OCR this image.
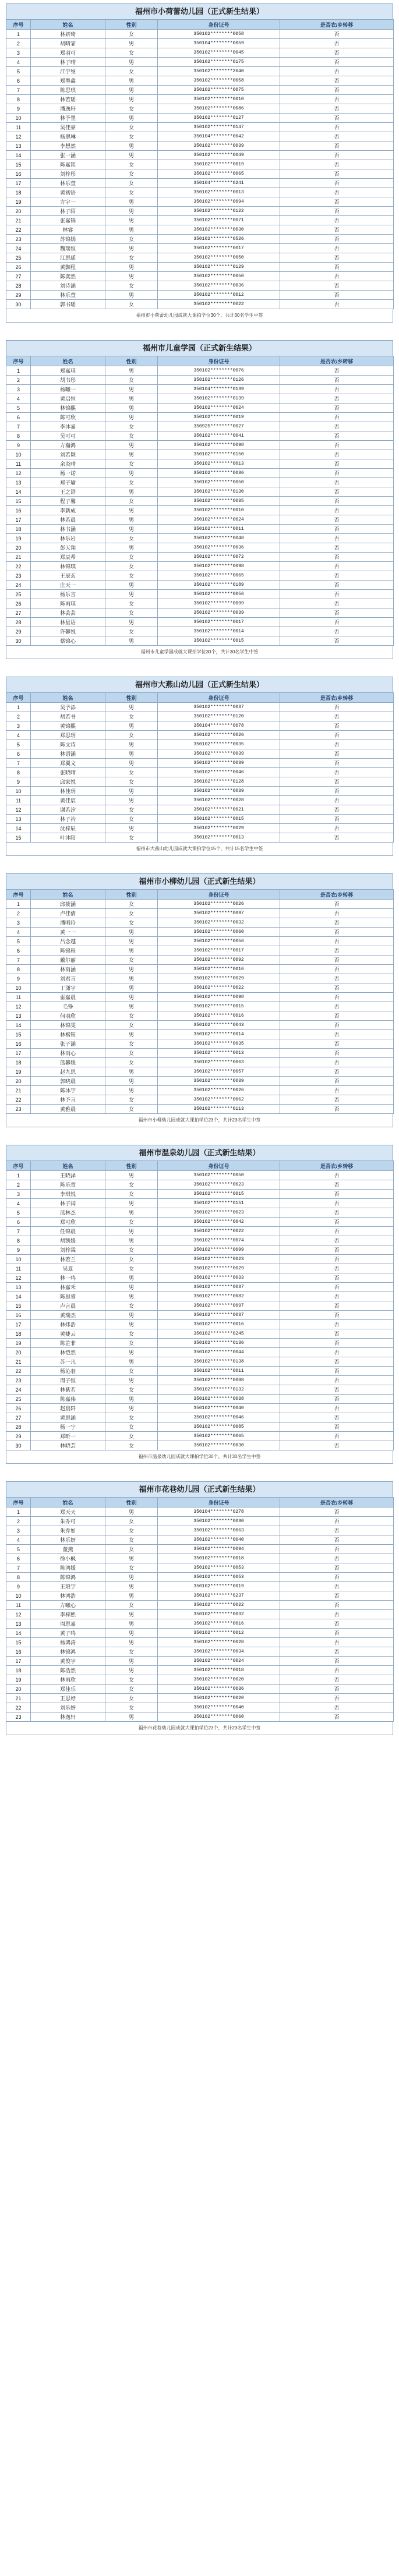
福州市小荷蕾幼儿园（正式新生结果）
序号	姓名	性别	身份证号	是否农/乡转移
1	林妍琦	女	350102********0058	否
2	胡晴霏	男	350104********0059	否
3	郑羽可	女	350102********0045	否
4	林子晴	男	350102********0175	否
5	江宇维	女	350102********2640	否
6	郑墨鑫	男	350102********0058	否
7	陈思琪	男	350102********0075	否
8	林若瑶	男	350102********0010	否
9	潘逸轩	女	350102********0086	否
10	林予墨	男	350102********0127	否
11	吴佳豪	女	350102********0147	否
12	杨翠琳	女	350104********0042	否
13	李想然	男	350102********0039	否
14	张一涵	男	350102********0049	否
15	陈嘉铭	女	350102********0019	否
16	刘梓彤	女	350102********0065	否
17	林乐萱	女	350104********0241	否
18	黄初语	女	350102********0013	否
19	方宇一	男	350102********0094	否
20	林子陌	男	350102********0122	否
21	张嘉锦	男	350102********0071	否
22	林睿	男	350102********0030	否
23	苏锦嫣	女	350102********0526	否
24	魏瑞恒	男	350102********0017	否
25	江思瑶	女	350102********0050	否
26	黄颢程	男	350102********0129	否
27	陈奕然	男	350102********0050	否
28	刘诗涵	女	350102********0036	否
29	林乐萱	男	350102********0012	否
30	郭书瑶	女	350102********0022	否
福州市小荷蕾幼儿园成就大课拍学位30个，共计30名学生中签
福州市儿童学园（正式新生结果）
序号	姓名	性别	身份证号	是否农/乡转移
1	郑嘉琪	男	350102********0076	否
2	胡书彤	女	350102********0126	否
3	杨曦一	男	350104********0139	否
4	黄启恒	男	350102********0139	否
5	林锦熙	男	350102********0024	否
6	陈可欣	男	350102********0019	否
7	李沐嘉	女	350925********0027	否
8	吴可可	女	350102********0041	否
9	方瀚鸿	男	350102********0098	否
10	刘若颖	男	350102********0150	否
11	余炎晴	女	350102********0013	否
12	杨一诺	男	350102********0036	否
13	郑子瑜	女	350102********0050	否
14	王之语	男	350102********0130	否
15	程子馨	女	350102********0035	否
16	李新成	男	350102********0010	否
17	林若晨	男	350102********0024	否
18	林书涵	男	350102********0011	否
19	林乐岩	女	350102********0048	否
20	彭天翔	男	350102********0036	否
21	郑辰希	女	350102********0072	否
22	林锦琪	女	350102********0098	否
23	王辰玄	女	350102********0065	否
24	庄天一	男	350102********0189	否
25	杨乐言	男	350102********0056	否
26	陈雨琪	女	350102********0099	否
27	林芸芸	女	350102********0039	否
28	林星语	男	350102********0017	否
29	许馨悦	女	350102********0014	否
30	蔡锦心	男	350102********0015	否
福州市儿童学园成就大课拍学位30个，共计30名学生中签
福州市大燕山幼儿园（正式新生结果）
序号	姓名	性别	身份证号	是否农/乡转移
1	吴予添	男	350102********0037	否
2	胡若书	女	350102********0120	否
3	黄锦熙	男	350104********0078	否
4	郑思玥	女	350102********0026	否
5	陈文诗	男	350102********0035	否
6	林语涵	男	350102********0039	否
7	郑翼文	男	350102********0039	否
8	张晓晴	女	350102********0046	否
9	邱家悦	女	350102********0128	否
10	林佳玥	男	350102********0039	否
11	黄佳宸	男	350102********0028	否
12	谢若汐	女	350102********0021	否
13	林子衿	女	350102********0015	否
14	沈梓辰	男	350102********0029	否
15	叶沐阳	女	350102********0013	否
福州市大燕山幼儿园成就大课拍学位15个，共计15名学生中签
福州市小柳幼儿园（正式新生结果）
序号	姓名	性别	身份证号	是否农/乡转移
1	邱筱涵	女	350102********0026	否
2	卢佳倩	女	350102********0097	否
3	潘明玲	女	350102********0032	否
4	黄一一	男	350102********0060	否
5	吕念越	男	350102********0056	否
6	陈锦程	男	350102********0017	否
7	戴尔丽	女	350102********0092	否
8	林雨涵	男	350102********0016	否
9	刘君言	男	350102********0029	否
10	丁潇宇	男	350102********0022	否
11	雷嘉晨	男	350102********0098	否
12	毛铮	男	350102********0015	否
13	何羽欣	女	350102********0016	否
14	林锦雯	女	350102********0043	否
15	林楷钰	男	350102********0014	否
16	张子涵	女	350102********0035	否
17	林雨心	女	350102********0013	否
18	蓝馨媛	女	350102********0063	否
19	赵九思	男	350102********0057	否
20	郭晓晨	男	350102********0039	否
21	陈沐宇	男	350102********0026	否
22	林予言	女	350102********0062	否
23	黄雅晨	女	350102********0113	否
福州市小柳幼儿园成就大课拍学位23个，共计23名学生中签
福州市温泉幼儿园（正式新生结果）
序号	姓名	性别	身份证号	是否农/乡转移
1	王晓泽	男	350102********0050	否
2	陈乐萱	女	350102********0023	否
3	李琪悦	女	350102********0015	否
4	林子闰	男	350102********0151	否
5	蓝林杰	男	350102********0023	否
6	郑可欣	女	350102********0042	否
7	任锦晨	男	350102********0022	否
8	胡凯媛	男	350102********0074	否
9	刘梓霖	女	350102********0099	否
10	林若兰	女	350102********0023	否
11	吴夏	女	350102********0029	否
12	林一鸣	男	350102********0033	否
13	林嘉禾	男	350102********0037	否
14	陈思睿	男	350102********0082	否
15	卢言晨	女	350102********0097	否
16	黄瑞杰	男	350102********0037	否
17	林炜浩	男	350102********0016	否
18	黄婕云	女	350102********0245	否
19	陈芷菲	女	350102********0136	否
20	林恺然	男	350102********0044	否
21	苏一凡	男	350102********0138	否
22	杨沁羽	女	350102********0011	否
23	周子恒	男	350102********0088	否
24	林紫若	女	350102********0132	否
25	陈嘉伟	男	350102********0038	否
26	赵晨轩	男	350102********0040	否
27	黄思涵	女	350102********0046	否
28	杨一宁	女	350102********0085	否
29	郑昕一	女	350102********0065	否
30	林晓芸	女	350102********0030	否
福州市温泉幼儿园成就大课拍学位30个，共计30名学生中签
福州市花巷幼儿园（正式新生结果）
序号	姓名	性别	身份证号	是否农/乡转移
1	郑天天	男	350104********0278	否
2	朱乔可	女	350102********0030	否
3	朱乔如	女	350102********0063	否
4	林乐妍	女	350102********0040	否
5	董燕	女	350102********0094	否
6	徐小枫	男	350102********0018	否
7	陈鸿媛	女	350102********0053	否
8	陈锦鸿	男	350102********0053	否
9	王琅宇	男	350102********0019	否
10	林鸿浩	男	350102********0237	否
11	方曦心	女	350102********0022	否
12	李梓熙	男	350102********0032	否
13	周思嘉	男	350102********0016	否
14	黄子鸣	男	350102********0012	否
15	杨鸿涛	男	350102********0028	否
16	林锦鸿	女	350102********0034	否
17	黄俊宇	男	350102********0024	否
18	陈浩然	男	350102********0018	否
19	林雨欣	女	350102********0020	否
20	郑佳乐	女	350102********0036	否
21	王思妤	女	350102********0020	否
22	刘乐妍	女	350102********0040	否
23	林逸轩	男	350102********0060	否
福州市花巷幼儿园成就大课拍学位23个，共计23名学生中签
